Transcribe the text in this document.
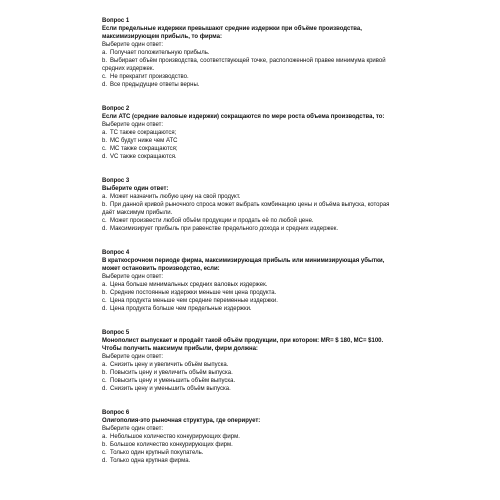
Вопрос 1
Если предельные издержки превышают средние издержки при объёме производства, максимизирующем прибыль, то фирма:
Выберите один ответ:
a. Получает положительную прибыль.
b. Выбирает объём производства, соответствующей точке, расположенной правее минимума кривой средних издержек.
c. Не прекратит производство.
d. Все предыдущие ответы верны.
Вопрос 2
Если ATC (средние валовые издержки) сокращаются по мере роста объема производства, то:
Выберите один ответ:
a. TC также сокращаются;
b. MC будут ниже чем ATC
c. MC также сокращаются;
d. VC также сокращаются.
Вопрос 3
Выберите один ответ:
a. Может назначить любую цену на свой продукт.
b. При данной кривой рыночного спроса может выбрать комбинацию цены и объёма выпуска, которая даёт максимум прибыли.
c. Может произвести любой объём продукции и продать её по любой цене.
d. Максимизирует прибыль при равенстве предельного дохода и средних издержек.
Вопрос 4
В краткосрочном периоде фирма, максимизирующая прибыль или минимизирующая убытки, может остановить производство, если:
Выберите один ответ:
a. Цена больше минимальных средних валовых издержек.
b. Средние постоянные издержки меньше чем цена продукта.
c. Цена продукта меньше чем средние переменные издержки.
d. Цена продукта больше чем предельные издержки.
Вопрос 5
Монополист выпускает и продаёт такой объём продукции, при котором: MR= $ 180, MC= $100. Чтобы получить максимум прибыли, фирм должна:
Выберите один ответ:
a. Снизить цену и увеличить объём выпуска.
b. Повысить цену и увеличить объём выпуска.
c. Повысить цену и уменьшить объём выпуска.
d. Снизить цену и уменьшить объём выпуска.
Вопрос 6
Олигополия-это рыночная структура, где оперирует:
Выберите один ответ:
a. Небольшое количество конкурирующих фирм.
b. Большое количество конкурирующих фирм.
c. Только один крупный покупатель.
d. Только одна крупная фирма.
